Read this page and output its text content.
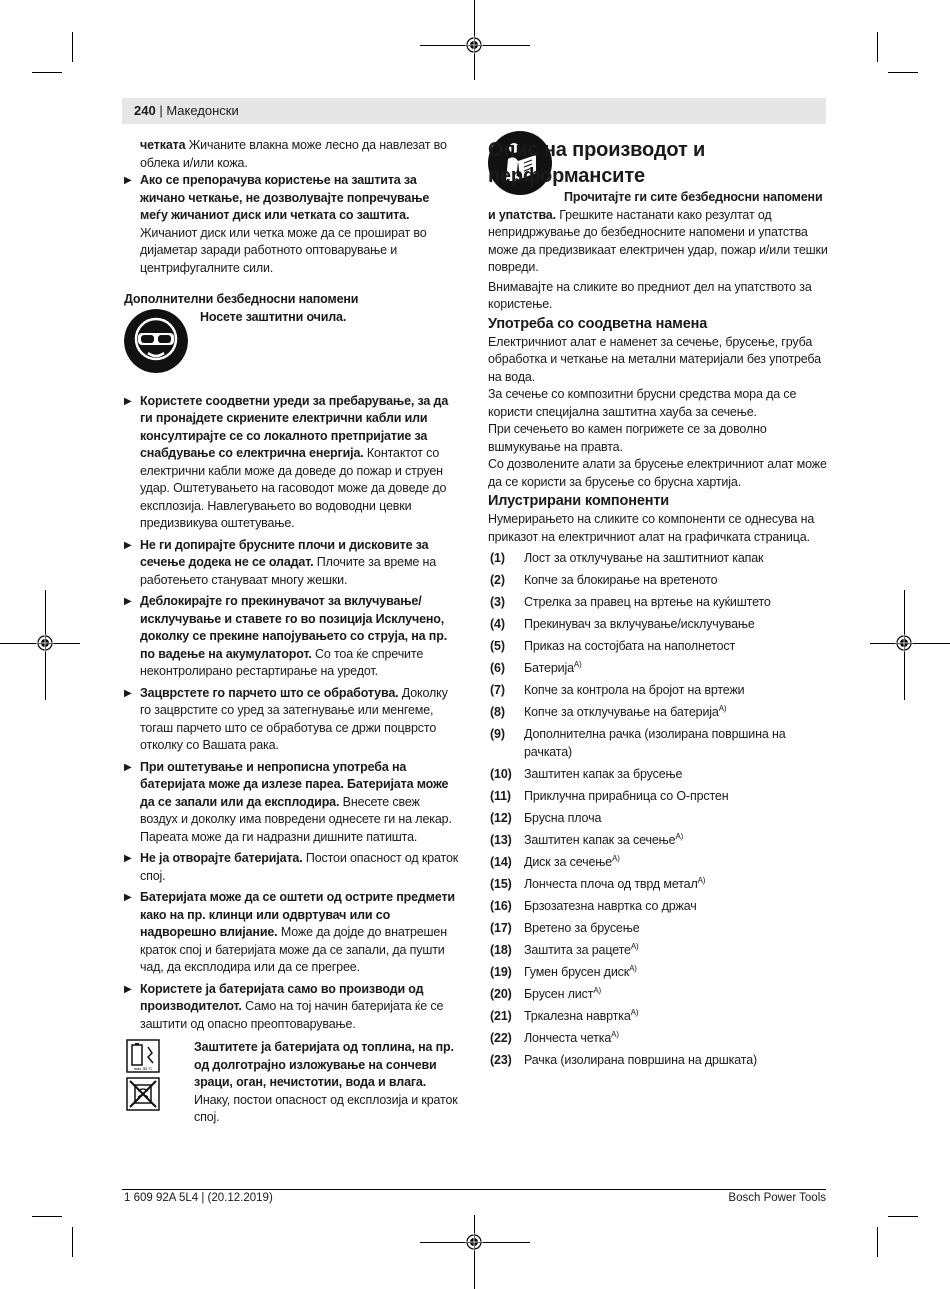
240 | Македонски

четката Жичаните влакна може лесно да навлезат во облека и/или кожа.

▶ Ако се препорачува користење на заштита за жичано четкање, не дозволувајте попречување меѓу жичаниот диск или четката со заштита. Жичаниот диск или четка може да се прошират во дијаметар заради работното оптоварување и центрифугалните сили.

Дополнителни безбедносни напомени

Носете заштитни очила.

▶ Користете соодветни уреди за пребарување, за да ги пронајдете скриените електрични кабли или консултирајте се со локалното претпријатие за снабдување со електрична енергија. Контактот со електрични кабли може да доведе до пожар и струен удар. Оштетувањето на гасоводот може да доведе до експлозија. Навлегувањето во водоводни цевки предизвикува оштетување.
▶ Не ги допирајте брусните плочи и дисковите за сечење додека не се оладат. Плочите за време на работењето стануваат многу жешки.
▶ Деблокирајте го прекинувачот за вклучување/исклучување и ставете го во позиција Исклучено, доколку се прекине напојувањето со струја, на пр. по вадење на акумулаторот. Со тоа ќе спречите неконтролирано рестартирање на уредот.
▶ Зацврстете го парчето што се обработува. Доколку го зацврстите со уред за затегнување или менгеме, тогаш парчето што се обработува се држи поцврсто отколку со Вашата рака.
▶ При оштетување и непрописна употреба на батеријата може да излезе пареа. Батеријата може да се запали или да експлодира. Внесете свеж воздух и доколку има повредени однесете ги на лекар. Пареата може да ги надразни дишните патишта.
▶ Не ја отворајте батеријата. Постои опасност од краток спој.
▶ Батеријата може да се оштети од острите предмети како на пр. клинци или одвртувач или со надворешно влијание. Може да дојде до внатрешен краток спој и батеријата може да се запали, да пушти чад, да експлодира или да се прегрее.
▶ Користете ја батеријата само во производи од производителот. Само на тој начин батеријата ќе се заштити од опасно преоптоварување.
max. 50 °C

Заштитете ја батеријата од топлина, на пр. од долготрајно изложување на сончеви зраци, оган, нечистотии, вода и влага. Инаку, постои опасност од експлозија и краток спој.

Опис на производот и перформансите

Прочитајте ги сите безбедносни напомени и упатства. Грешките настанати како резултат од непридржување до безбедносните напомени и упатства може да предизвикаат електричен удар, пожар и/или тешки повреди.

Внимавајте на сликите во предниот дел на упатството за користење.

Употреба со соодветна намена

Електричниот алат е наменет за сечење, брусење, груба обработка и четкање на метални материјали без употреба на вода.

За сечење со композитни брусни средства мора да се користи специјална заштитна хауба за сечење.

При сечењето во камен погрижете се за доволно вшмукување на правта.

Со дозволените алати за брусење електричниот алат може да се користи за брусење со брусна хартија.

Илустрирани компоненти

Нумерирањето на сликите со компоненти се однесува на приказот на електричниот алат на графичката страница.

(1) Лост за отклучување на заштитниот капак
(2) Копче за блокирање на вретеното
(3) Стрелка за правец на вртење на куќиштето
(4) Прекинувач за вклучување/исклучување
(5) Приказ на состојбата на наполнетост
(6) Батерија$^{A)}$
(7) Копче за контрола на бројот на вртежи
(8) Копче за отклучување на батерија$^{A)}$
(9) Дополнителна рачка (изолирана површина на рачката)
(10) Заштитен капак за брусење
(11) Приклучна прирабница со О-прстен
(12) Брусна плоча
(13) Заштитен капак за сечење$^{A)}$
(14) Диск за сечење$^{A)}$
(15) Лончеста плоча од тврд метал$^{A)}$
(16) Брзозатезна навртка со држач
(17) Вретено за брусење
(18) Заштита за рацете$^{A)}$
(19) Гумен брусен диск$^{A)}$
(20) Брусен лист$^{A)}$
(21) Тркалезна навртка$^{A)}$
(22) Лончеста четка$^{A)}$
(23) Рачка (изолирана површина на дршката)
1 609 92A 5L4 | (20.12.2019)	Bosch Power Tools
